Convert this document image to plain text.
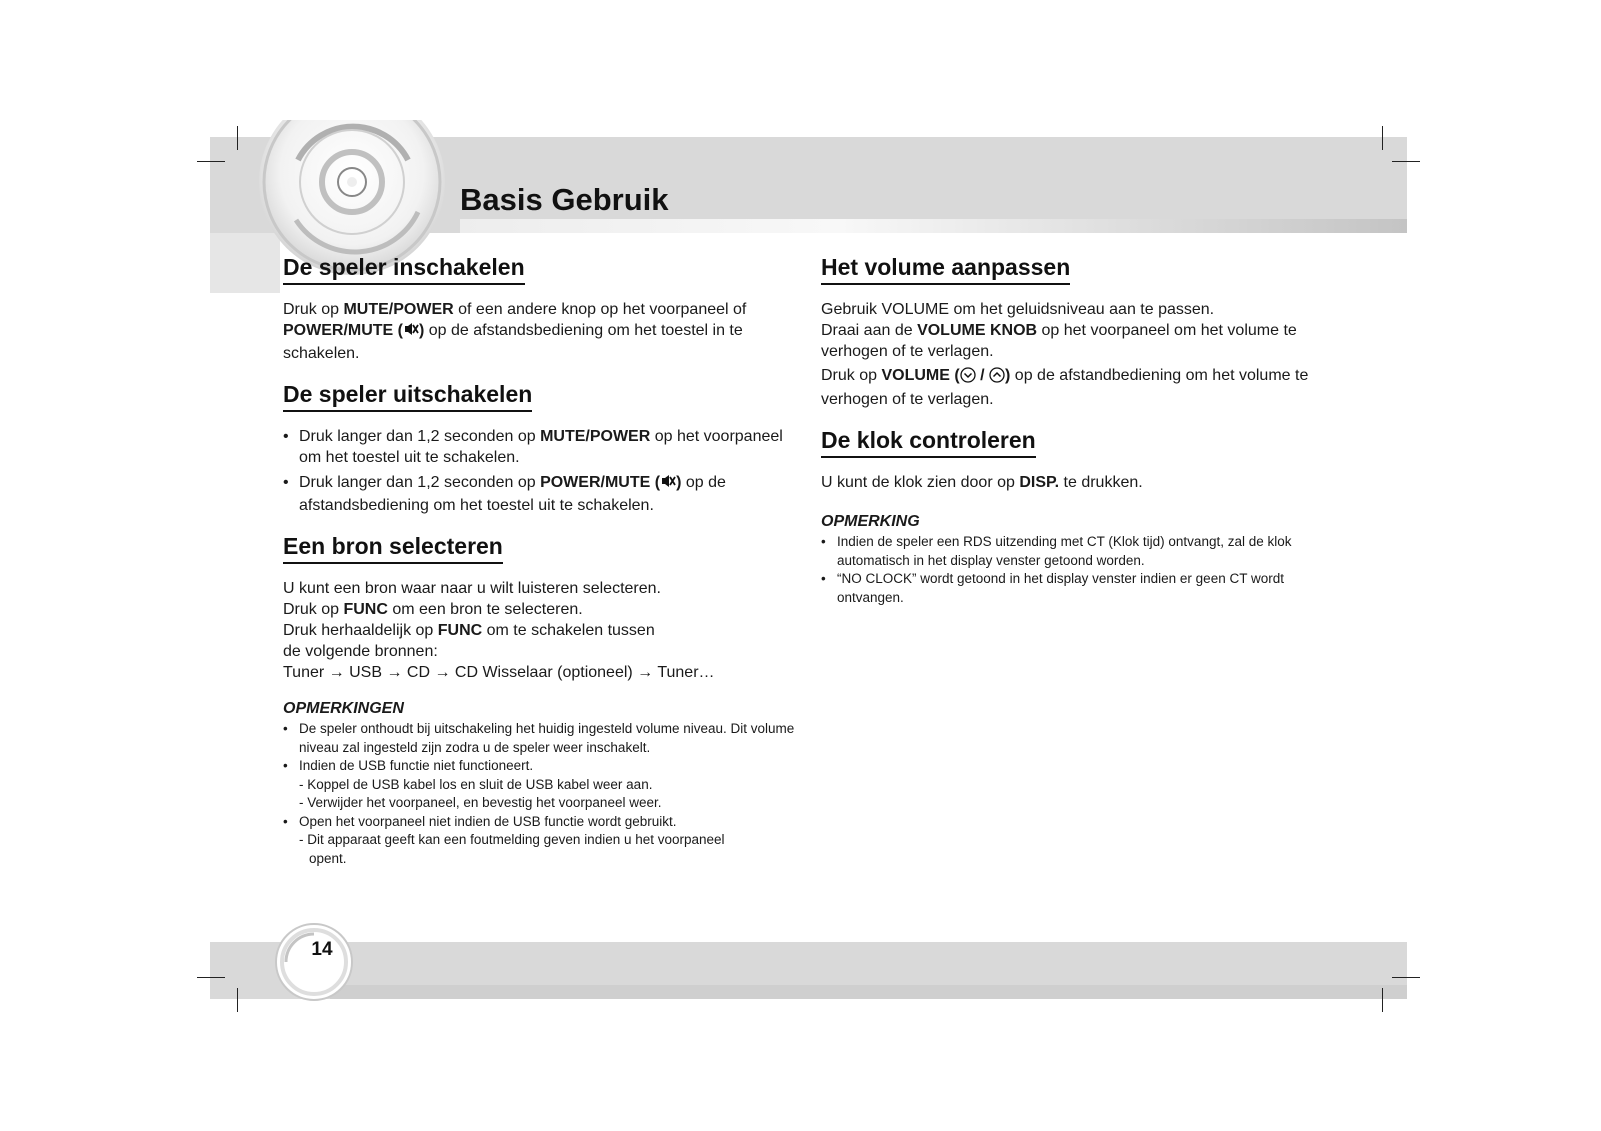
Basis Gebruik
14
De speler inschakelen

Druk op MUTE/POWER of een andere knop op het voorpaneel of
POWER/MUTE ( ) op de afstandsbediening om het toestel in te schakelen.

De speler uitschakelen
• Druk langer dan 1,2 seconden op MUTE/POWER op het voorpaneel om het toestel uit te schakelen.
• Druk langer dan 1,2 seconden op POWER/MUTE ( ) op de afstandsbediening om het toestel uit te schakelen.
Een bron selecteren

U kunt een bron waar naar u wilt luisteren selecteren.
Druk op FUNC om een bron te selecteren.
Druk herhaaldelijk op FUNC om te schakelen tussen
de volgende bronnen:
Tuner → USB → CD → CD Wisselaar (optioneel) → Tuner…

OPMERKINGEN
• De speler onthoudt bij uitschakeling het huidig ingesteld volume niveau. Dit volume niveau zal ingesteld zijn zodra u de speler weer inschakelt.
• Indien de USB functie niet functioneert.
- Koppel de USB kabel los en sluit de USB kabel weer aan.
- Verwijder het voorpaneel, en bevestig het voorpaneel weer.
• Open het voorpaneel niet indien de USB functie wordt gebruikt.
- Dit apparaat geeft kan een foutmelding geven indien u het voorpaneel
opent.
Het volume aanpassen

Gebruik VOLUME om het geluidsniveau aan te passen.
Draai aan de VOLUME KNOB op het voorpaneel om het volume te verhogen of te verlagen.

Druk op VOLUME ( / ) op de afstandbediening om het volume te verhogen of te verlagen.

De klok controleren

U kunt de klok zien door op DISP. te drukken.

OPMERKING
• Indien de speler een RDS uitzending met CT (Klok tijd) ontvangt, zal de klok automatisch in het display venster getoond worden.
• “NO CLOCK” wordt getoond in het display venster indien er geen CT wordt ontvangen.
